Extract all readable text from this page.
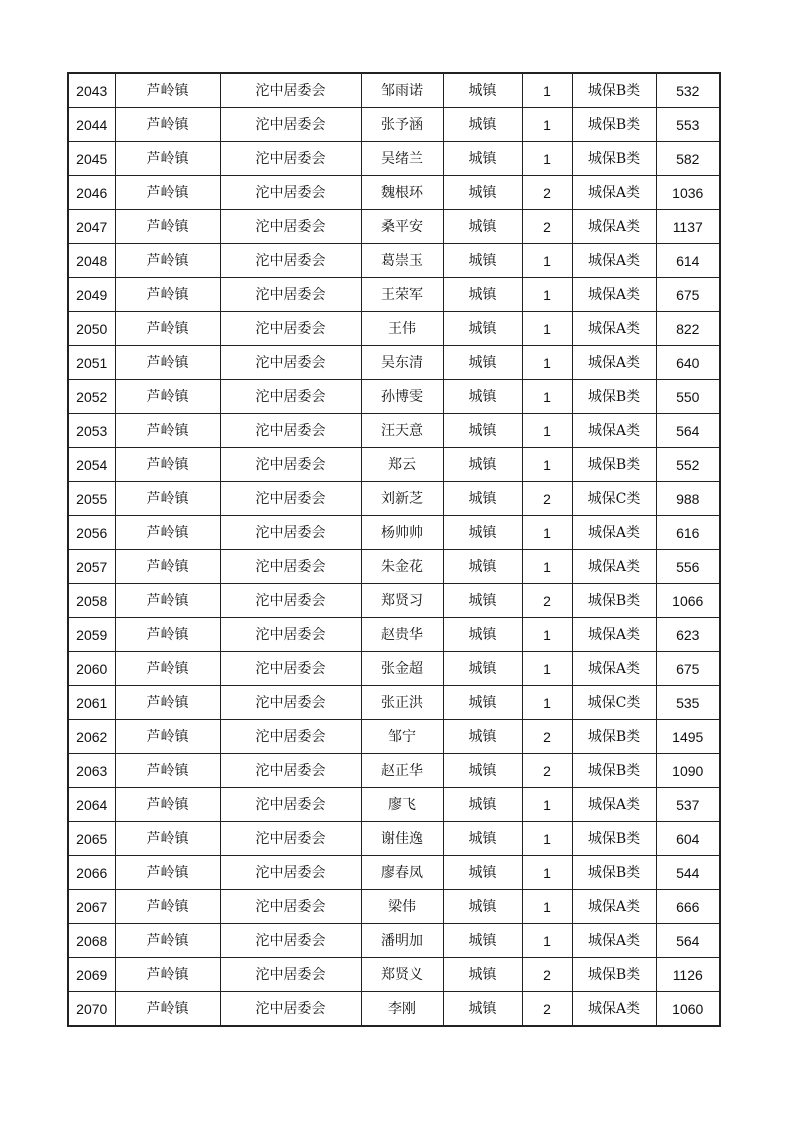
2043	芦岭镇	沱中居委会	邹雨诺	城镇	1	城保B类	532
2044	芦岭镇	沱中居委会	张予涵	城镇	1	城保B类	553
2045	芦岭镇	沱中居委会	吴绪兰	城镇	1	城保B类	582
2046	芦岭镇	沱中居委会	魏根环	城镇	2	城保A类	1036
2047	芦岭镇	沱中居委会	桑平安	城镇	2	城保A类	1137
2048	芦岭镇	沱中居委会	葛崇玉	城镇	1	城保A类	614
2049	芦岭镇	沱中居委会	王荣军	城镇	1	城保A类	675
2050	芦岭镇	沱中居委会	王伟	城镇	1	城保A类	822
2051	芦岭镇	沱中居委会	吴东清	城镇	1	城保A类	640
2052	芦岭镇	沱中居委会	孙博雯	城镇	1	城保B类	550
2053	芦岭镇	沱中居委会	汪天意	城镇	1	城保A类	564
2054	芦岭镇	沱中居委会	郑云	城镇	1	城保B类	552
2055	芦岭镇	沱中居委会	刘新芝	城镇	2	城保C类	988
2056	芦岭镇	沱中居委会	杨帅帅	城镇	1	城保A类	616
2057	芦岭镇	沱中居委会	朱金花	城镇	1	城保A类	556
2058	芦岭镇	沱中居委会	郑贤习	城镇	2	城保B类	1066
2059	芦岭镇	沱中居委会	赵贵华	城镇	1	城保A类	623
2060	芦岭镇	沱中居委会	张金超	城镇	1	城保A类	675
2061	芦岭镇	沱中居委会	张正洪	城镇	1	城保C类	535
2062	芦岭镇	沱中居委会	邹宁	城镇	2	城保B类	1495
2063	芦岭镇	沱中居委会	赵正华	城镇	2	城保B类	1090
2064	芦岭镇	沱中居委会	廖飞	城镇	1	城保A类	537
2065	芦岭镇	沱中居委会	谢佳逸	城镇	1	城保B类	604
2066	芦岭镇	沱中居委会	廖春凤	城镇	1	城保B类	544
2067	芦岭镇	沱中居委会	梁伟	城镇	1	城保A类	666
2068	芦岭镇	沱中居委会	潘明加	城镇	1	城保A类	564
2069	芦岭镇	沱中居委会	郑贤义	城镇	2	城保B类	1126
2070	芦岭镇	沱中居委会	李刚	城镇	2	城保A类	1060
